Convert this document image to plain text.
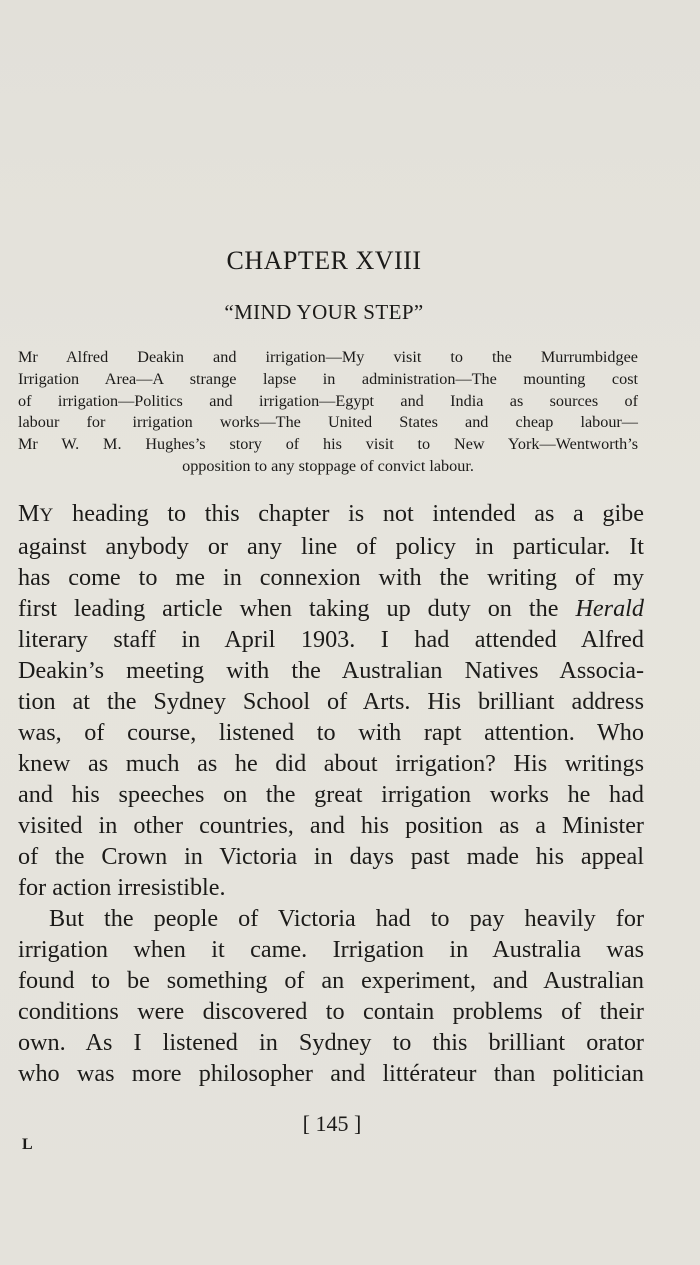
CHAPTER XVIII
“MIND YOUR STEP”
Mr Alfred Deakin and irrigation—My visit to the Murrumbidgee
Irrigation Area—A strange lapse in administration—The mounting cost
of irrigation—Politics and irrigation—Egypt and India as sources of
labour for irrigation works—The United States and cheap labour—
Mr W. M. Hughes’s story of his visit to New York—Wentworth’s
opposition to any stoppage of convict labour.
MY heading to this chapter is not intended as a gibe
against anybody or any line of policy in particular. It
has come to me in connexion with the writing of my
first leading article when taking up duty on the Herald
literary staff in April 1903. I had attended Alfred
Deakin’s meeting with the Australian Natives Associa-
tion at the Sydney School of Arts. His brilliant address
was, of course, listened to with rapt attention. Who
knew as much as he did about irrigation? His writings
and his speeches on the great irrigation works he had
visited in other countries, and his position as a Minister
of the Crown in Victoria in days past made his appeal
for action irresistible.
But the people of Victoria had to pay heavily for
irrigation when it came. Irrigation in Australia was
found to be something of an experiment, and Australian
conditions were discovered to contain problems of their
own. As I listened in Sydney to this brilliant orator
who was more philosopher and littérateur than politician
[ 145 ]
L
